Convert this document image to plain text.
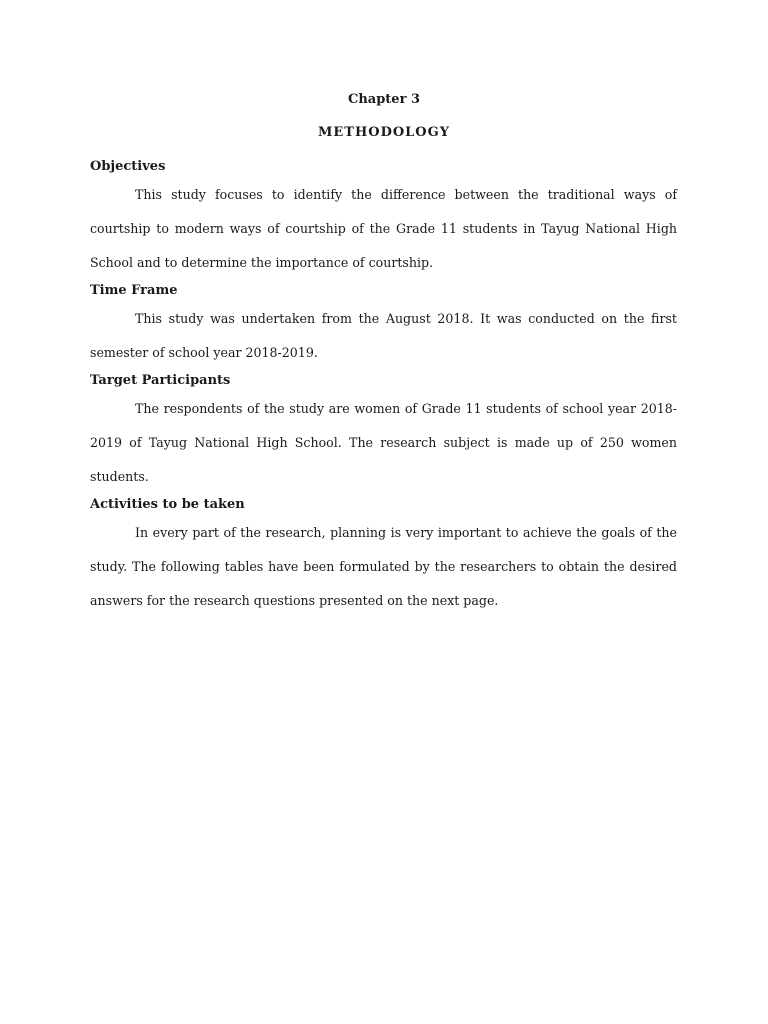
Chapter 3
METHODOLOGY

Objectives

This study focuses to identify the difference between the traditional ways of courtship to modern ways of courtship of the Grade 11 students in Tayug National High School and to determine the importance of courtship.

Time Frame

This study was undertaken from the August 2018. It was conducted on the first semester of school year 2018-2019.

Target Participants

The respondents of the study are women of Grade 11 students of school year 2018-2019 of Tayug National High School. The research subject is made up of 250 women students.

Activities to be taken

In every part of the research, planning is very important to achieve the goals of the study. The following tables have been formulated by the researchers to obtain the desired answers for the research questions presented on the next page.
